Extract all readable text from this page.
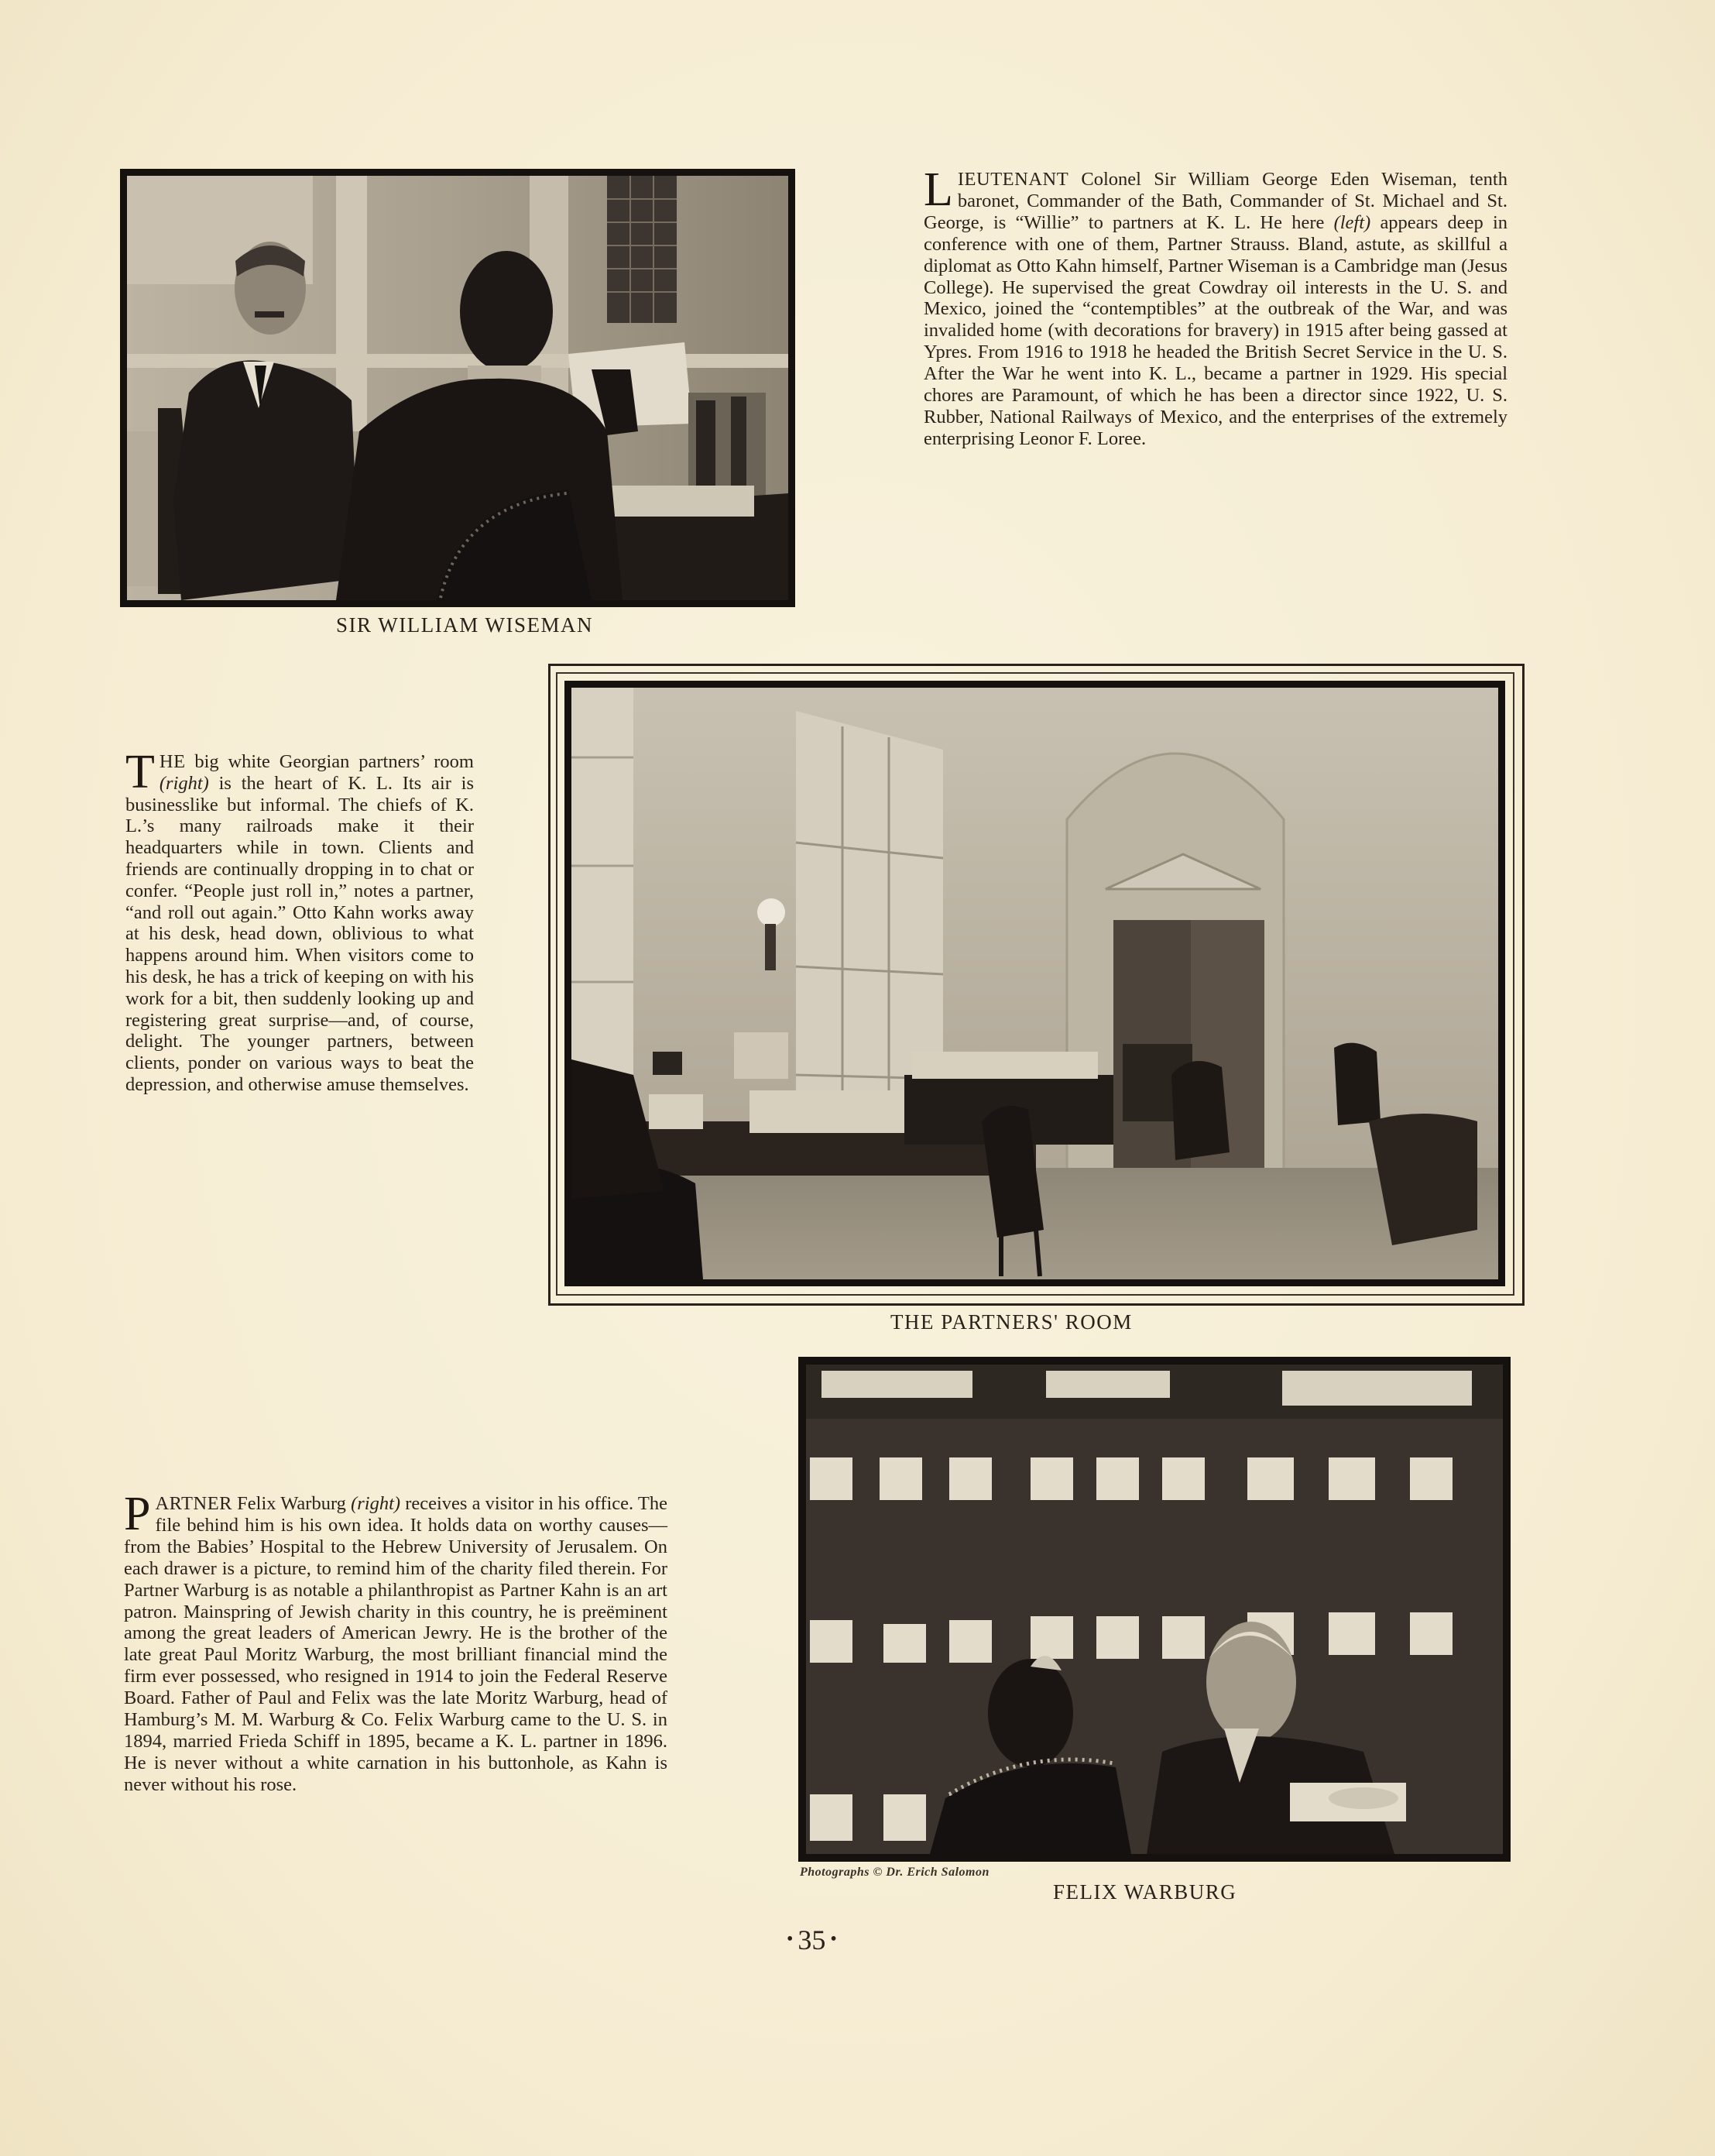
SIR WILLIAM WISEMAN

LIEUTENANT Colonel Sir William George Eden Wiseman, tenth baronet, Commander of the Bath, Commander of St. Michael and St. George, is “Willie” to partners at K. L. He here (left) appears deep in conference with one of them, Partner Strauss. Bland, astute, as skillful a diplomat as Otto Kahn himself, Partner Wiseman is a Cambridge man (Jesus College). He supervised the great Cowdray oil interests in the U. S. and Mexico, joined the “contemptibles” at the outbreak of the War, and was invalided home (with decorations for bravery) in 1915 after being gassed at Ypres. From 1916 to 1918 he headed the British Secret Service in the U. S. After the War he went into K. L., became a partner in 1929. His special chores are Paramount, of which he has been a director since 1922, U. S. Rubber, National Railways of Mexico, and the enterprises of the extremely enterprising Leonor F. Loree.

THE PARTNERS' ROOM

THE big white Georgian partners’ room (right) is the heart of K. L. Its air is businesslike but informal. The chiefs of K. L.’s many railroads make it their headquarters while in town. Clients and friends are continually dropping in to chat or confer. “People just roll in,” notes a partner, “and roll out again.” Otto Kahn works away at his desk, head down, oblivious to what happens around him. When visitors come to his desk, he has a trick of keeping on with his work for a bit, then suddenly looking up and registering great surprise—and, of course, delight. The younger partners, between clients, ponder on various ways to beat the depression, and otherwise amuse themselves.

Photographs © Dr. Erich Salomon
FELIX WARBURG

PARTNER Felix Warburg (right) receives a visitor in his office. The file behind him is his own idea. It holds data on worthy causes—from the Babies’ Hospital to the Hebrew University of Jerusalem. On each drawer is a picture, to remind him of the charity filed therein. For Partner Warburg is as notable a philanthropist as Partner Kahn is an art patron. Mainspring of Jewish charity in this country, he is preëminent among the great leaders of American Jewry. He is the brother of the late great Paul Moritz Warburg, the most brilliant financial mind the firm ever possessed, who resigned in 1914 to join the Federal Reserve Board. Father of Paul and Felix was the late Moritz Warburg, head of Hamburg’s M. M. Warburg & Co. Felix Warburg came to the U. S. in 1894, married Frieda Schiff in 1895, became a K. L. partner in 1896. He is never without a white carnation in his buttonhole, as Kahn is never without his rose.

• 35 •
